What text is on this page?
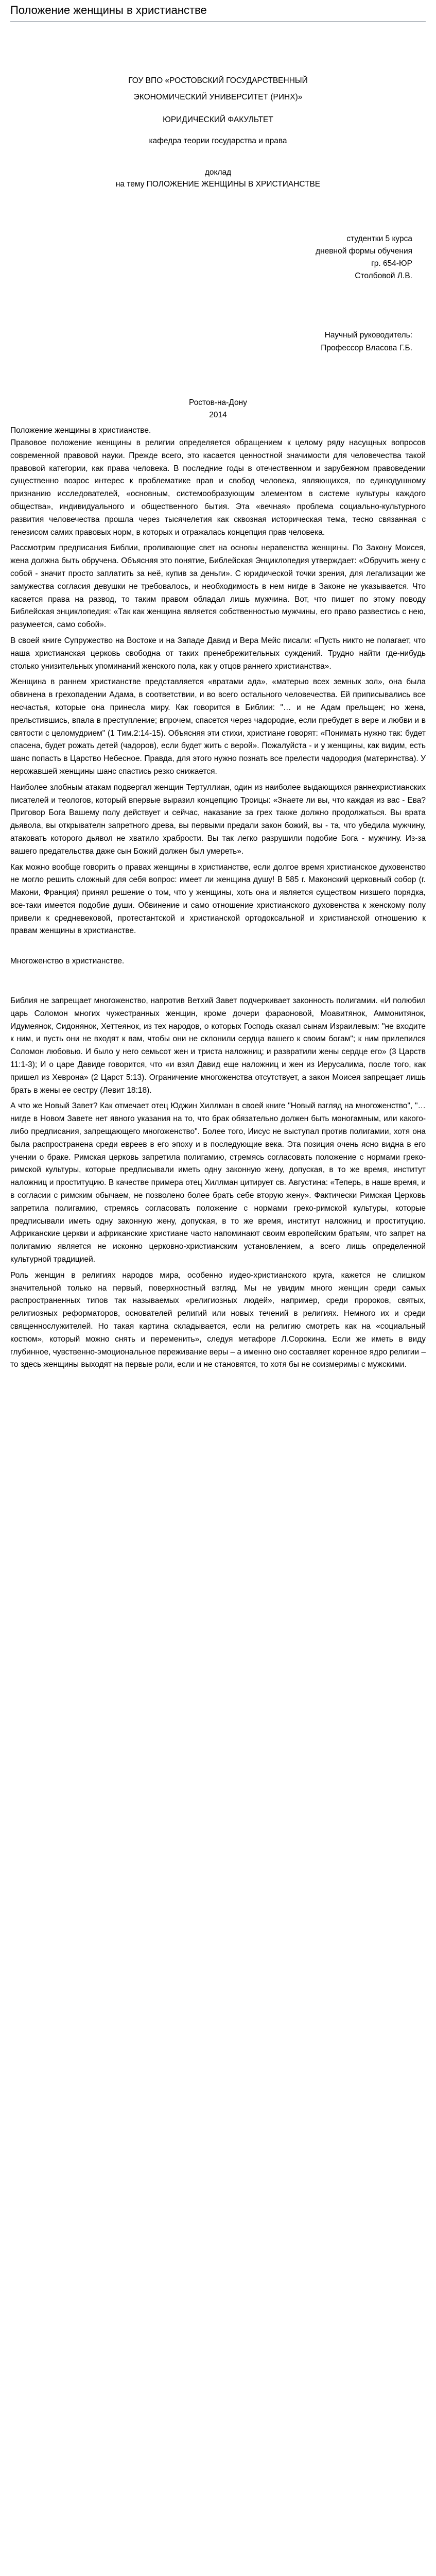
Положение женщины в христианстве

ГОУ ВПО «РОСТОВСКИЙ ГОСУДАРСТВЕННЫЙ

ЭКОНОМИЧЕСКИЙ УНИВЕРСИТЕТ (РИНХ)»

ЮРИДИЧЕСКИЙ ФАКУЛЬТЕТ

кафедра теории государства и права

доклад

на тему ПОЛОЖЕНИЕ ЖЕНЩИНЫ В ХРИСТИАНСТВЕ

студентки 5 курса

дневной формы обучения

гр. 654-ЮР

Столбовой Л.В.

Научный руководитель:

Профессор Власова Г.Б.

Ростов-на-Дону

2014

Положение женщины в христианстве.

Правовое положение женщины в религии определяется обращением к целому ряду насущных вопросов современной правовой науки. Прежде всего, это касается ценностной значимости для человечества такой правовой категории, как права человека. В последние годы в отечественном и зарубежном правоведении существенно возрос интерес к проблематике прав и свобод человека, являющихся, по единодушному признанию исследователей, «основным, системообразующим элементом в системе культуры каждого общества», индивидуального и общественного бытия. Эта «вечная» проблема социально-культурного развития человечества прошла через тысячелетия как сквозная историческая тема, тесно связанная с генезисом самих правовых норм, в которых и отражалась концепция прав человека.

Рассмотрим предписания Библии, проливающие свет на основы неравенства женщины. По Закону Моисея, жена должна быть обручена. Объясняя это понятие, Библейская Энциклопедия утверждает: «Обручить жену с собой - значит просто заплатить за неё, купив за деньги». С юридической точки зрения, для легализации же замужества согласия девушки не требовалось, и необходимость в нем нигде в Законе не указывается. Что касается права на развод, то таким правом обладал лишь мужчина. Вот, что пишет по этому поводу Библейская энциклопедия: «Так как женщина является собственностью мужчины, его право развестись с нею, разумеется, само собой».

В своей книге Супружество на Востоке и на Западе Давид и Вера Мейс писали: «Пусть никто не полагает, что наша христианская церковь свободна от таких пренебрежительных суждений. Трудно найти где-нибудь столько унизительных упоминаний женского пола, как у отцов раннего христианства».

Женщина в раннем христианстве представляется «вратами ада», «матерью всех земных зол», она была обвинена в грехопадении Адама, в соответствии, и во всего остального человечества. Ей приписывались все несчастья, которые она принесла миру. Как говорится в Библии: "… и не Адам прельщен; но жена, прельстившись, впала в преступление; впрочем, спасется через чадородие, если пребудет в вере и любви и в святости с целомудрием" (1 Тим.2:14-15). Объясняя эти стихи, христиане говорят: «Понимать нужно так: будет спасена, будет рожать детей (чадоров), если будет жить с верой». Пожалуйста - и у женщины, как видим, есть шанс попасть в Царство Небесное. Правда, для этого нужно познать все прелести чадородия (материнства). У нерожавшей женщины шанс спастись резко снижается.

Наиболее злобным атакам подвергал женщин Тертуллиан, один из наиболее выдающихся раннехристианских писателей и теологов, который впервые выразил концепцию Троицы: «Знаете ли вы, что каждая из вас - Ева? Приговор Бога Вашему полу действует и сейчас, наказание за грех также должно продолжаться. Вы врата дьявола, вы открывателн запретного древа, вы первыми предали закон божий, вы - та, что убедила мужчину, атаковать которого дьявол не хватило храбрости. Вы так легко разрушили подобие Бога - мужчину. Из-за вашего предательства даже сын Божий должен был умереть».

Как можно вообще говорить о правах женщины в христианстве, если долгое время христианское духовенство не могло решить сложный для себя вопрос: имеет ли женщина душу! В 585 г. Маконский церковный собор (г. Макони, Франция) принял решение о том, что у женщины, хоть она и является существом низшего порядка, все-таки имеется подобие души. Обвинение и само отношение христианского духовенства к женскому полу привели к средневековой, протестантской и христианской ортодоксальной и христианской отношению к правам женщины в христианстве.

Многоженство в христианстве.

Библия не запрещает многоженство, напротив Ветхий Завет подчеркивает законность полигамии. «И полюбил царь Соломон многих чужестранных женщин, кроме дочери фараоновой, Моавитянок, Аммонитянок, Идумеянок, Сидонянок, Хеттеянок, из тех народов, о которых Господь сказал сынам Израилевым: "не входите к ним, и пусть они не входят к вам, чтобы они не склонили сердца вашего к своим богам"; к ним прилепился Соломон любовью. И было у него семьсот жен и триста наложниц; и развратили жены сердце его» (3 Царств 11:1-3); И о царе Давиде говорится, что «и взял Давид еще наложниц и жен из Иерусалима, после того, как пришел из Хеврона» (2 Царст 5:13). Ограничение многоженства отсутствует, а закон Моисея запрещает лишь брать в жены ее сестру (Левит 18:18).

А что же Новый Завет? Как отмечает отец Юджин Хиллман в своей книге "Новый взгляд на многоженство", "…нигде в Новом Завете нет явного указания на то, что брак обязательно должен быть моногамным, или какого-либо предписания, запрещающего многоженство". Более того, Иисус не выступал против полигамии, хотя она была распространена среди евреев в его эпоху и в последующие века. Эта позиция очень ясно видна в его учении о браке. Римская церковь запретила полигамию, стремясь согласовать положение с нормами греко-римской культуры, которые предписывали иметь одну законную жену, допуская, в то же время, институт наложниц и проституцию. В качестве примера отец Хиллман цитирует св. Августина: «Теперь, в наше время, и в согласии с римским обычаем, не позволено более брать себе вторую жену». Фактически Римская Церковь запретила полигамию, стремясь согласовать положение с нормами греко-римской культуры, которые предписывали иметь одну законную жену, допуская, в то же время, институт наложниц и проституцию. Африканские церкви и африканские христиане часто напоминают своим европейским братьям, что запрет на полигамию является не исконно церковно-христианским установлением, а всего лишь определенной культурной традицией.

Роль женщин в религиях народов мира, особенно иудео-христианского круга, кажется не слишком значительной только на первый, поверхностный взгляд. Мы не увидим много женщин среди самых распространенных типов так называемых «религиозных людей», например, среди пророков, святых, религиозных реформаторов, основателей религий или новых течений в религиях. Немного их и среди священнослужителей. Но такая картина складывается, если на религию смотреть как на «социальный костюм», который можно снять и переменить», следуя метафоре Л.Сорокина. Если же иметь в виду глубинное, чувственно-эмоциональное переживание веры – а именно оно составляет коренное ядро религии – то здесь женщины выходят на первые роли, если и не становятся, то хотя бы не соизмеримы с мужскими.
